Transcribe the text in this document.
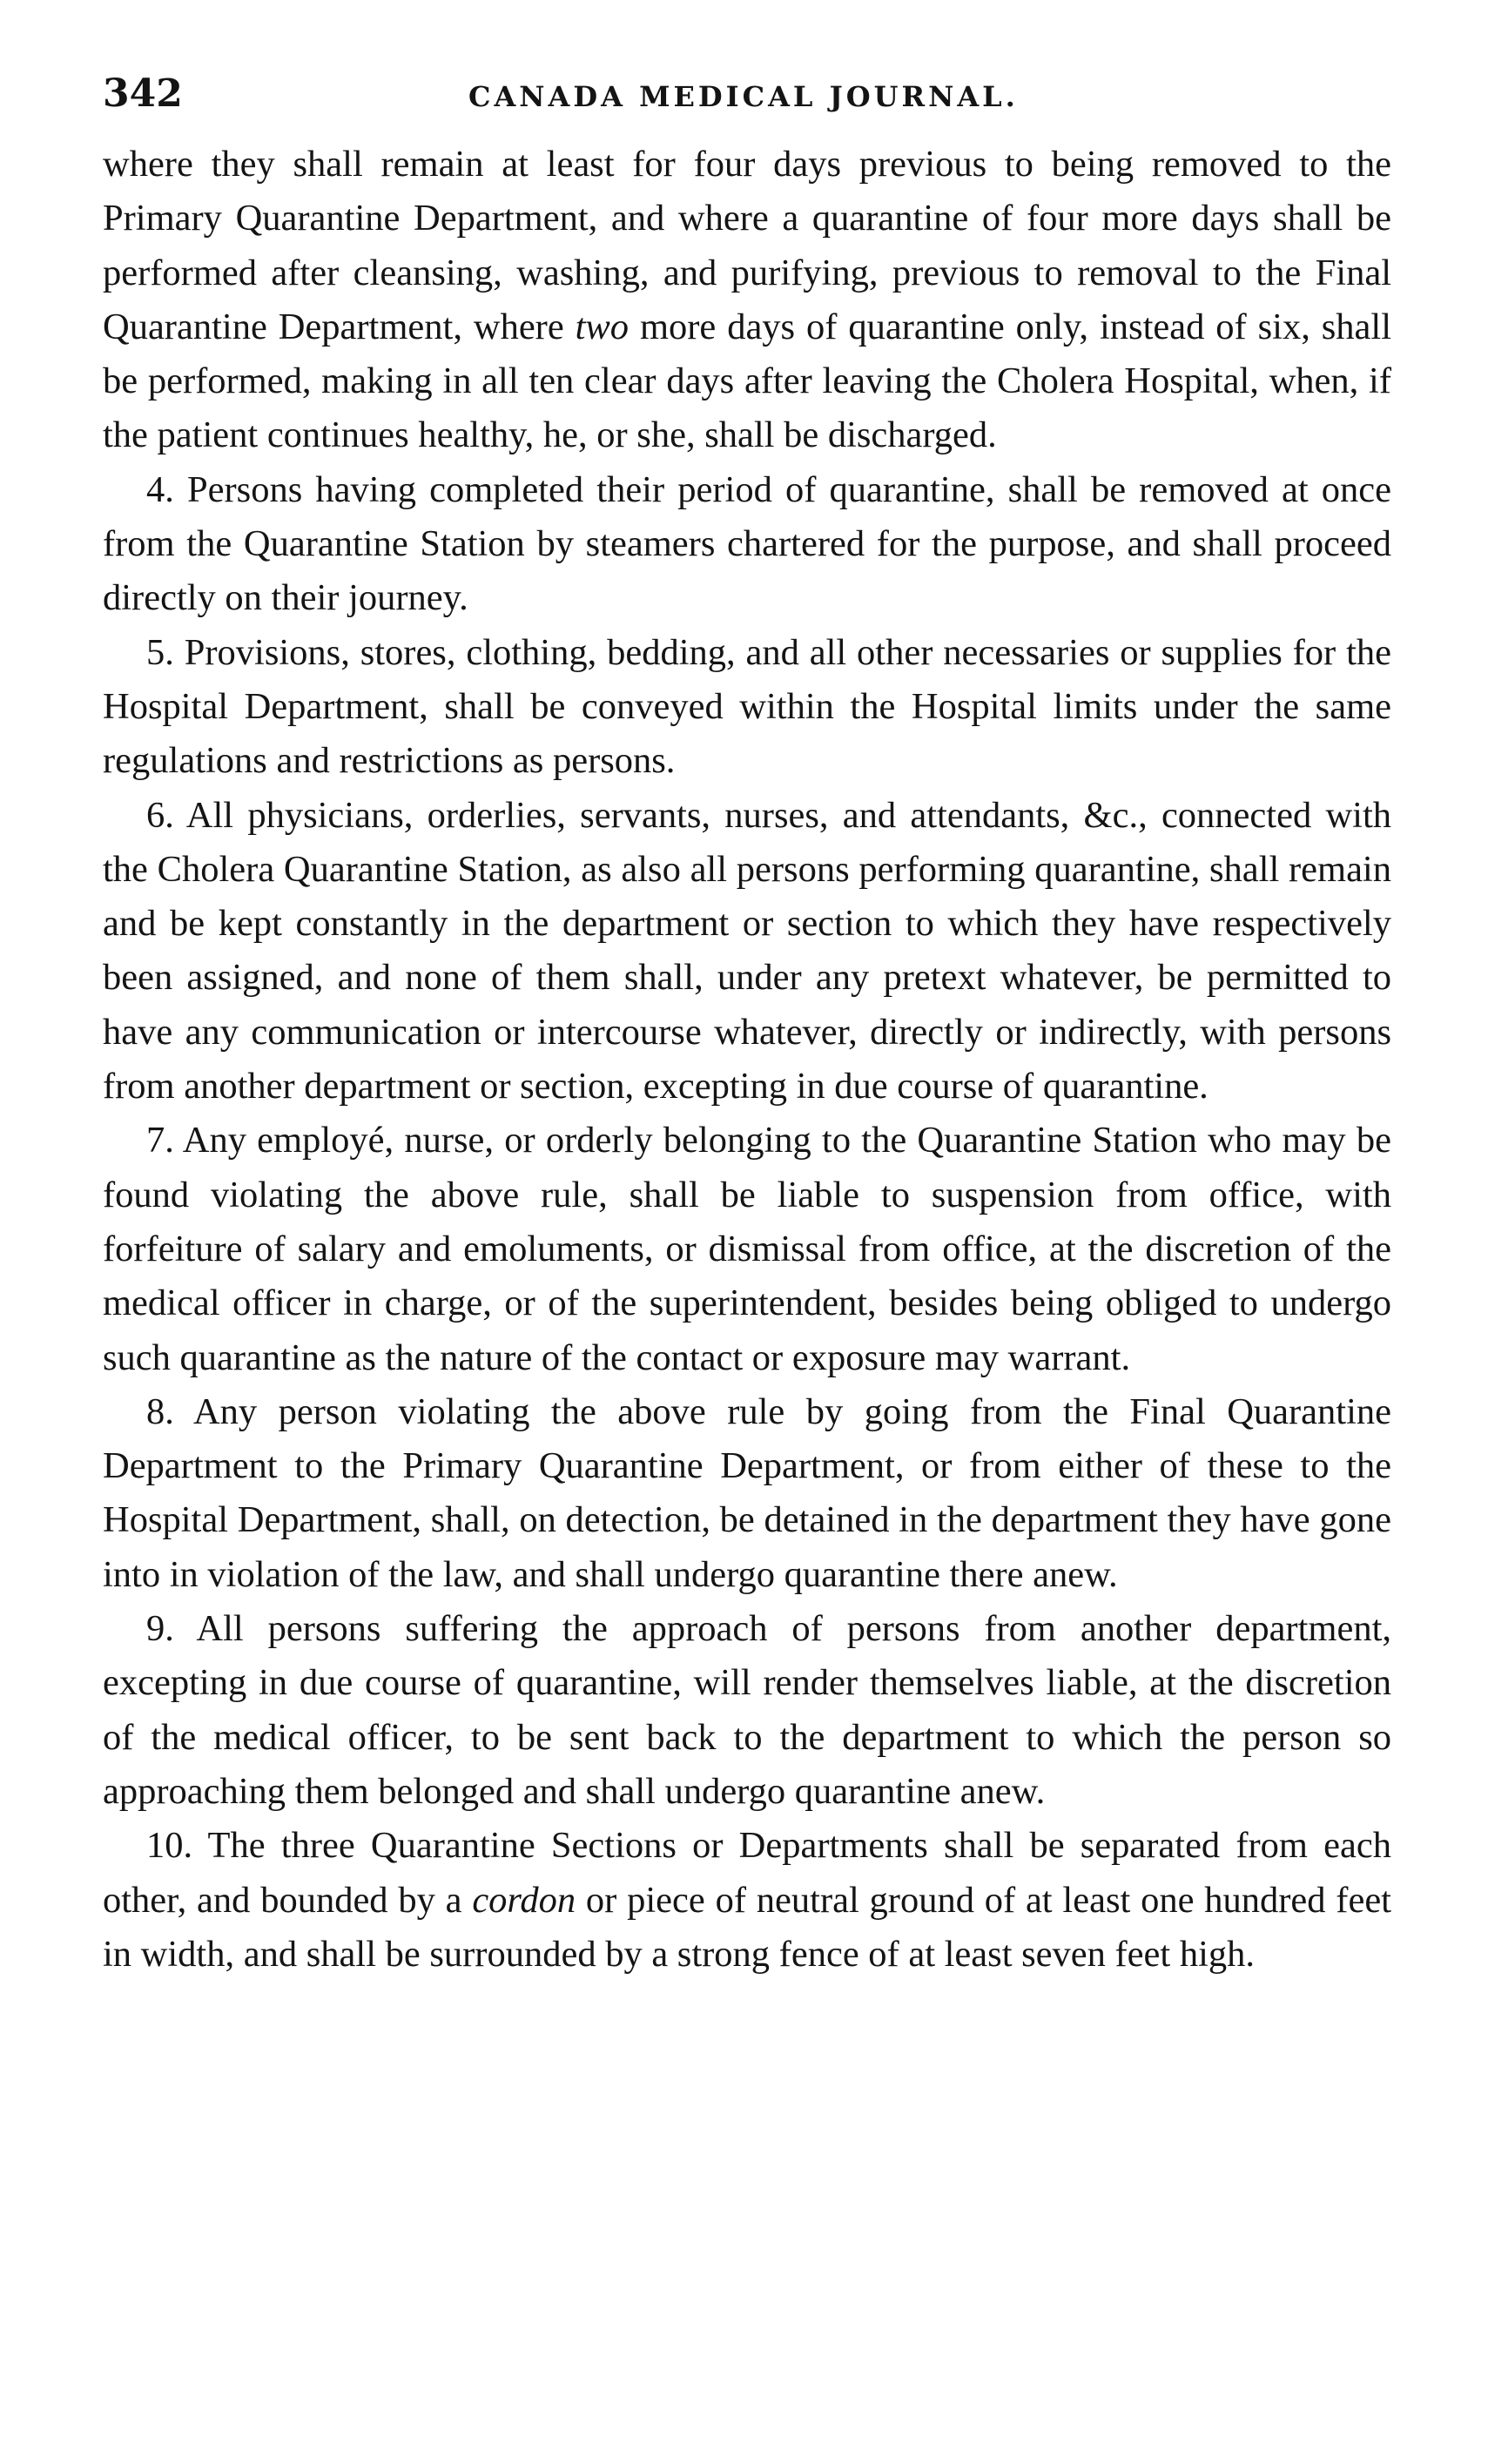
342	CANADA MEDICAL JOURNAL.

where they shall remain at least for four days previous to being removed to the Primary Quarantine Department, and where a quarantine of four more days shall be performed after cleansing, washing, and purifying, previous to removal to the Final Quarantine Department, where two more days of quarantine only, instead of six, shall be performed, making in all ten clear days after leaving the Cholera Hospital, when, if the patient continues healthy, he, or she, shall be discharged.

4. Persons having completed their period of quarantine, shall be removed at once from the Quarantine Station by steamers chartered for the purpose, and shall proceed directly on their journey.

5. Provisions, stores, clothing, bedding, and all other necessaries or supplies for the Hospital Department, shall be conveyed within the Hospital limits under the same regulations and restrictions as persons.

6. All physicians, orderlies, servants, nurses, and attendants, &c., connected with the Cholera Quarantine Station, as also all persons performing quarantine, shall remain and be kept constantly in the department or section to which they have respectively been assigned, and none of them shall, under any pretext whatever, be permitted to have any communication or intercourse whatever, directly or indirectly, with persons from another department or section, excepting in due course of quarantine.

7. Any employé, nurse, or orderly belonging to the Quarantine Station who may be found violating the above rule, shall be liable to suspension from office, with forfeiture of salary and emoluments, or dismissal from office, at the discretion of the medical officer in charge, or of the superintendent, besides being obliged to undergo such quarantine as the nature of the contact or exposure may warrant.

8. Any person violating the above rule by going from the Final Quarantine Department to the Primary Quarantine Department, or from either of these to the Hospital Department, shall, on detection, be detained in the department they have gone into in violation of the law, and shall undergo quarantine there anew.

9. All persons suffering the approach of persons from another department, excepting in due course of quarantine, will render themselves liable, at the discretion of the medical officer, to be sent back to the department to which the person so approaching them belonged and shall undergo quarantine anew.

10. The three Quarantine Sections or Departments shall be separated from each other, and bounded by a cordon or piece of neutral ground of at least one hundred feet in width, and shall be surrounded by a strong fence of at least seven feet high.
